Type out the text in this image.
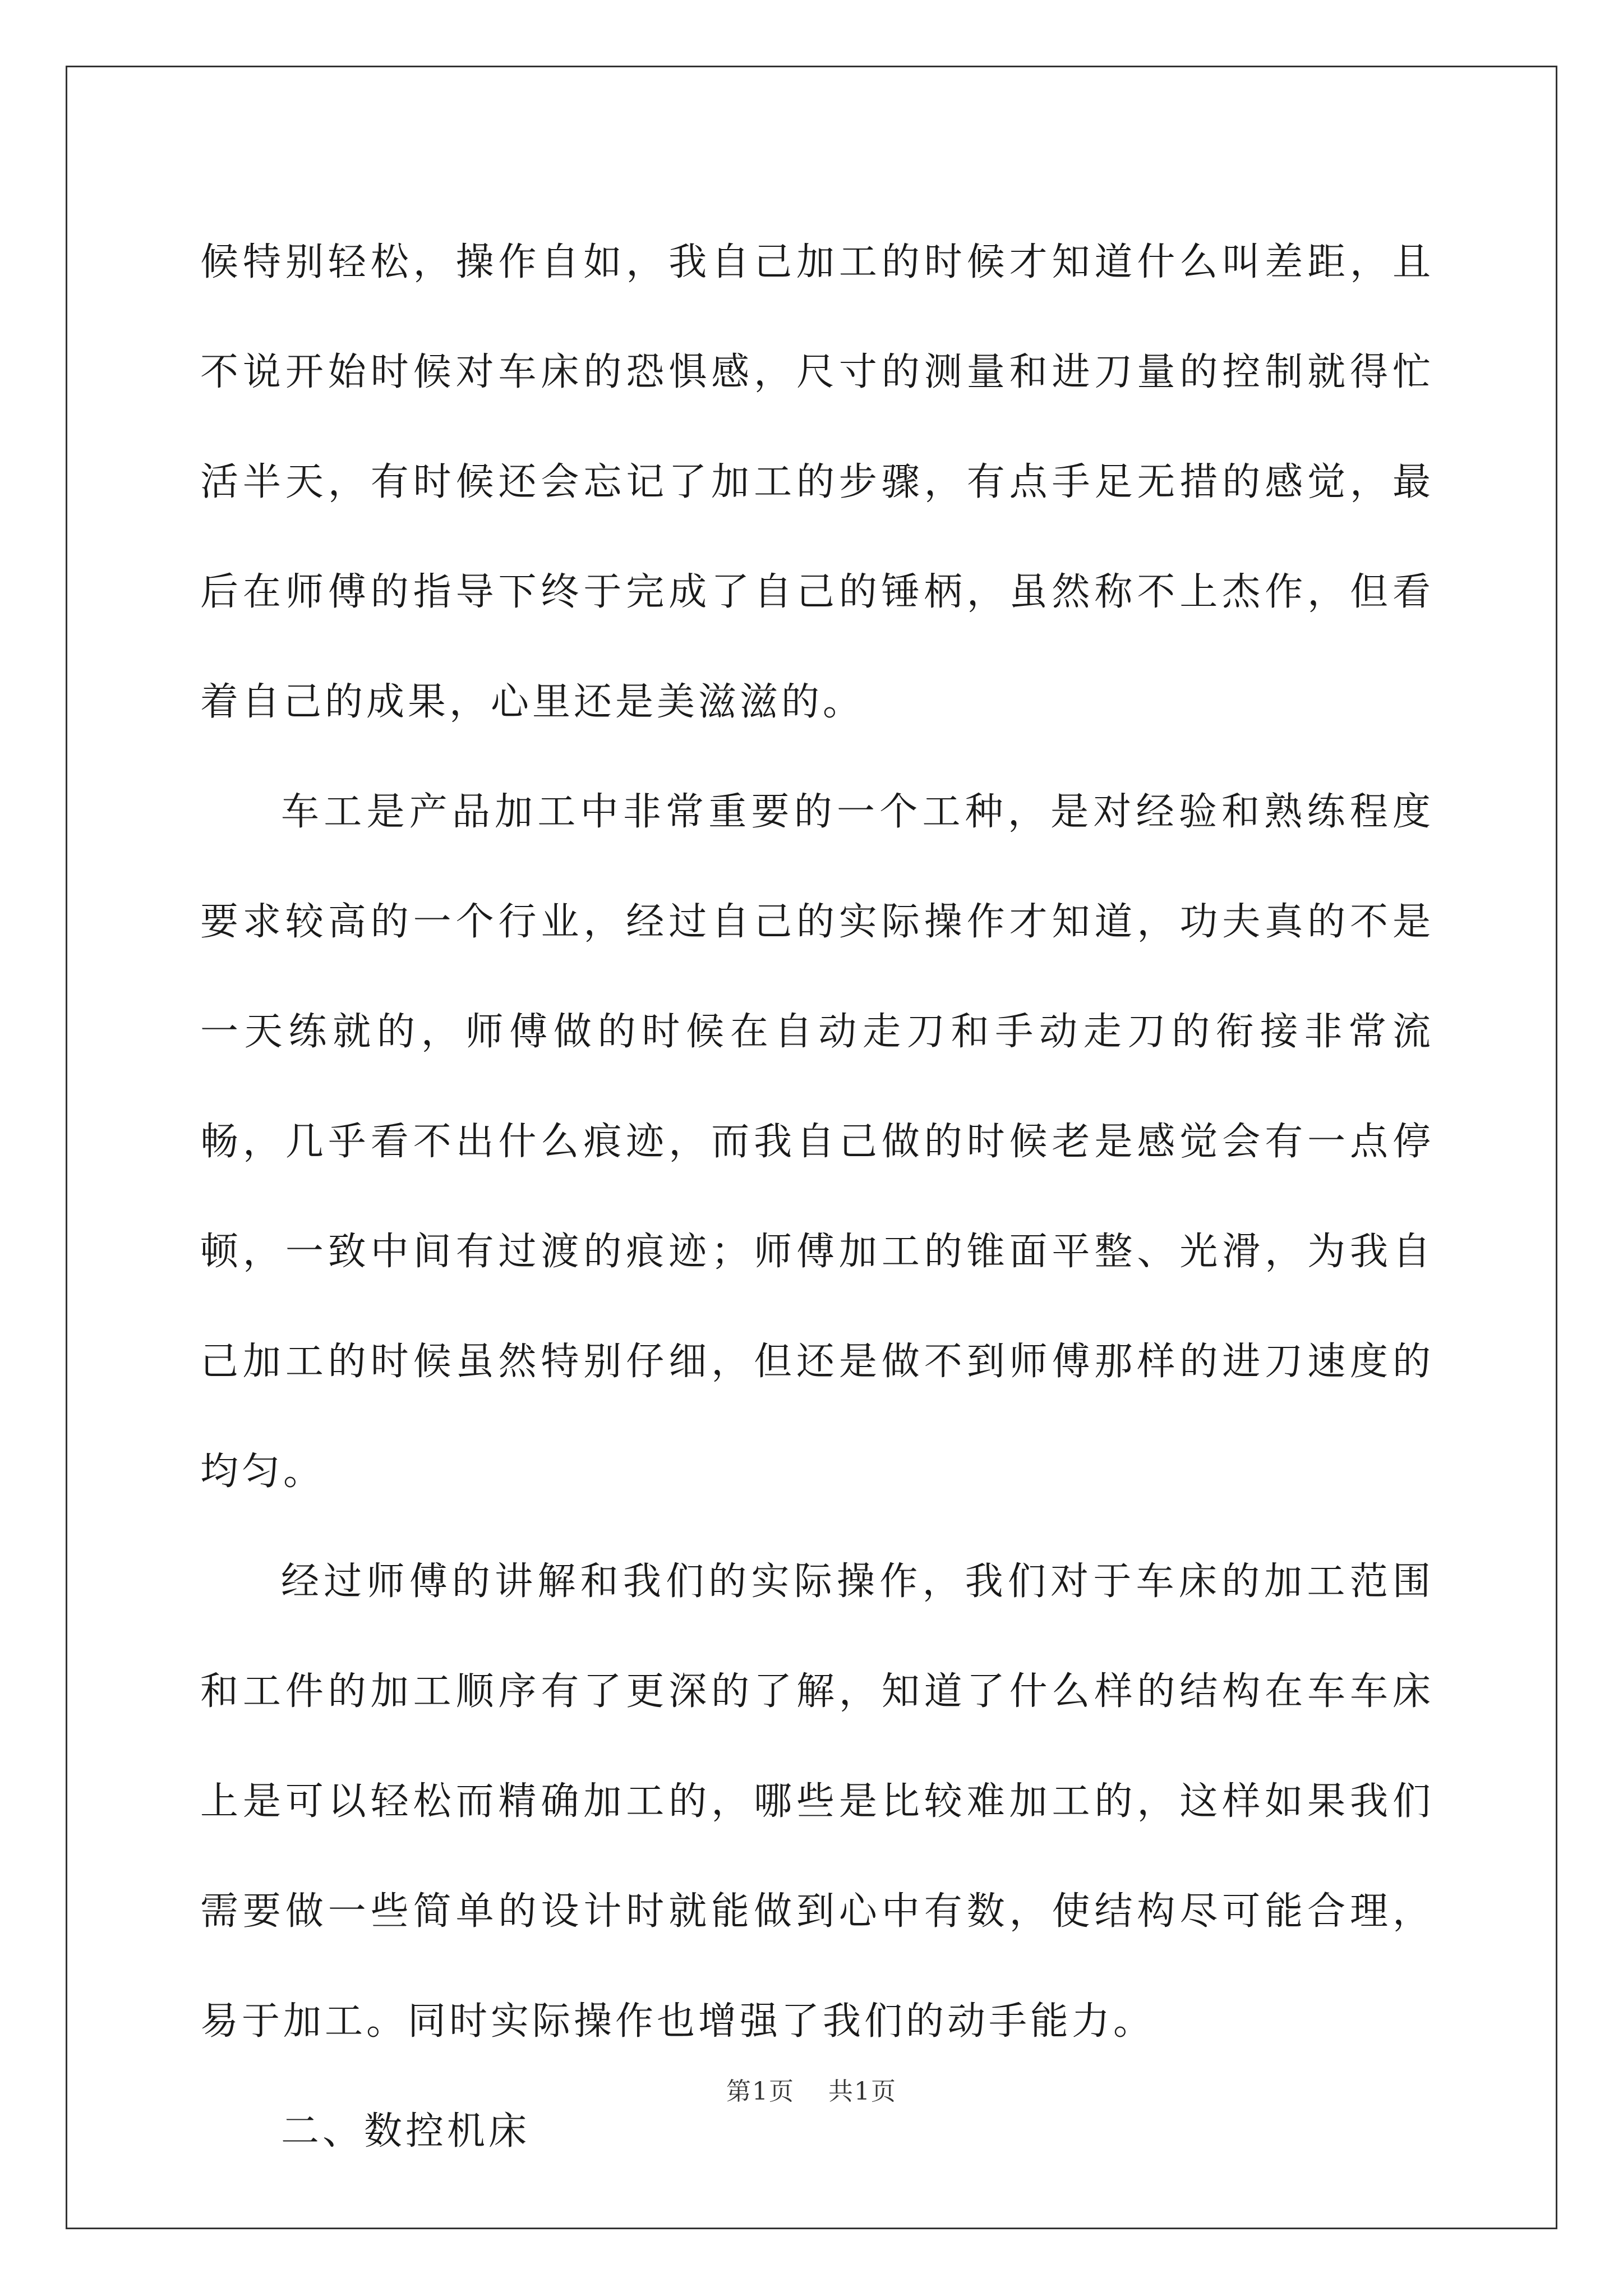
候特别轻松，操作自如，我自己加工的时候才知道什么叫差距，且不说开始时候对车床的恐惧感，尺寸的测量和进刀量的控制就得忙活半天，有时候还会忘记了加工的步骤，有点手足无措的感觉，最后在师傅的指导下终于完成了自己的锤柄，虽然称不上杰作，但看着自己的成果，心里还是美滋滋的。

车工是产品加工中非常重要的一个工种，是对经验和熟练程度要求较高的一个行业，经过自己的实际操作才知道，功夫真的不是一天练就的，师傅做的时候在自动走刀和手动走刀的衔接非常流畅，几乎看不出什么痕迹，而我自己做的时候老是感觉会有一点停顿，一致中间有过渡的痕迹；师傅加工的锥面平整、光滑，为我自己加工的时候虽然特别仔细，但还是做不到师傅那样的进刀速度的均匀。

经过师傅的讲解和我们的实际操作，我们对于车床的加工范围和工件的加工顺序有了更深的了解，知道了什么样的结构在车车床上是可以轻松而精确加工的，哪些是比较难加工的，这样如果我们需要做一些简单的设计时就能做到心中有数，使结构尽可能合理，易于加工。同时实际操作也增强了我们的动手能力。

二、数控机床

第1页 共1页
